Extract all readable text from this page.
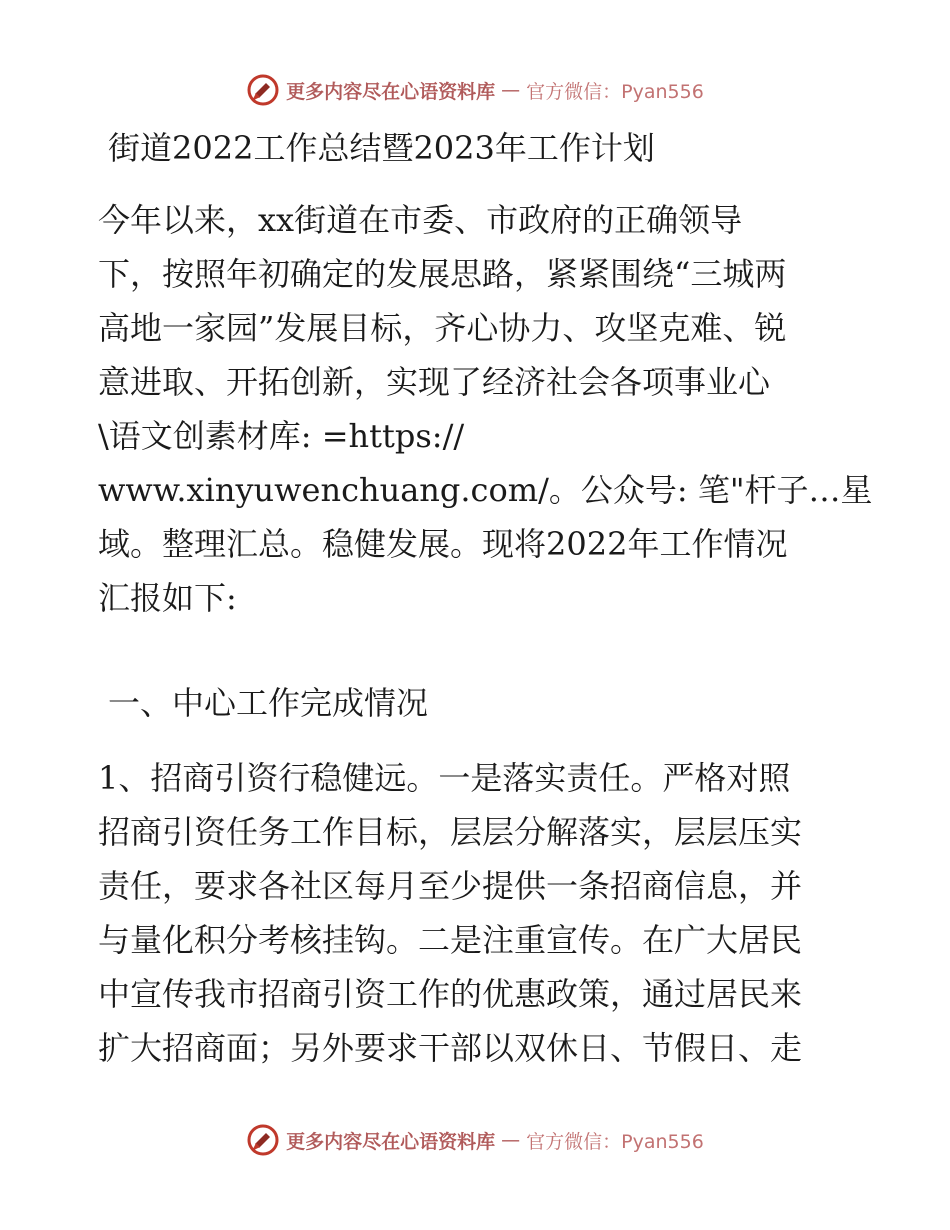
更多内容尽在心语资料库 — 官方微信：Pyan556
街道2022工作总结暨2023年工作计划
今年以来，xx街道在市委、市政府的正确领导
下，按照年初确定的发展思路，紧紧围绕“三城两
高地一家园”发展目标，齐心协力、攻坚克难、锐
意进取、开拓创新，实现了经济社会各项事业心
\语文创素材库: =https://
www.xinyuwenchuang.com/。公众号: 笔"杆子…星
域。整理汇总。稳健发展。现将2022年工作情况
汇报如下:
一、中心工作完成情况
1、招商引资行稳健远。一是落实责任。严格对照
招商引资任务工作目标，层层分解落实，层层压实
责任，要求各社区每月至少提供一条招商信息，并
与量化积分考核挂钩。二是注重宣传。在广大居民
中宣传我市招商引资工作的优惠政策，通过居民来
扩大招商面；另外要求干部以双休日、节假日、走
更多内容尽在心语资料库 — 官方微信：Pyan556
